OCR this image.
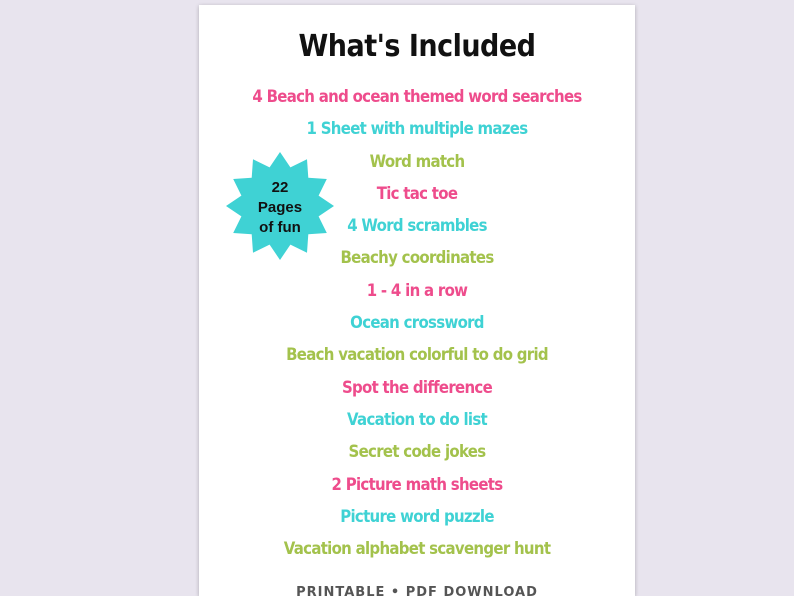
What's Included
4 Beach and ocean themed word searches
1 Sheet with multiple mazes
Word match
Tic tac toe
4 Word scrambles
Beachy coordinates
1 - 4 in a row
Ocean crossword
Beach vacation colorful to do grid
Spot the difference
Vacation to do list
Secret code jokes
2 Picture math sheets
Picture word puzzle
Vacation alphabet scavenger hunt
PRINTABLE • PDF DOWNLOAD
22
Pages
of fun
